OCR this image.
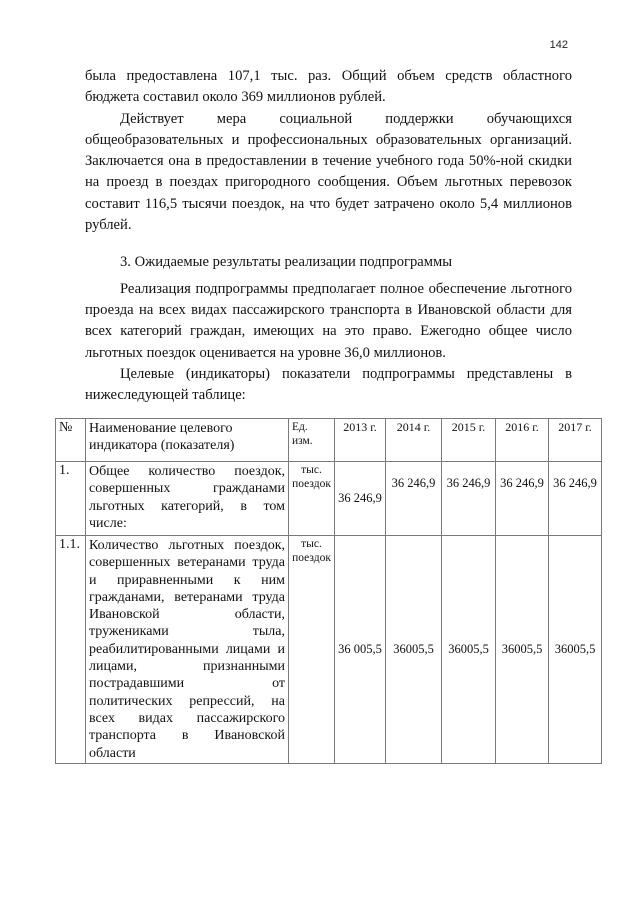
142

была предоставлена 107,1 тыс. раз. Общий объем средств областного бюджета составил около 369 миллионов рублей.

Действует мера социальной поддержки обучающихся общеобразовательных и профессиональных образовательных организаций. Заключается она в предоставлении в течение учебного года 50%-ной скидки на проезд в поездах пригородного сообщения. Объем льготных перевозок составит 116,5 тысячи поездок, на что будет затрачено около 5,4 миллионов рублей.

3. Ожидаемые результаты реализации подпрограммы

Реализация подпрограммы предполагает полное обеспечение льготного проезда на всех видах пассажирского транспорта в Ивановской области для всех категорий граждан, имеющих на это право. Ежегодно общее число льготных поездок оценивается на уровне 36,0 миллионов.

Целевые (индикаторы) показатели подпрограммы представлены в нижеследующей таблице:

№	Наименование целевого индикатора (показателя)	Ед. изм.	2013 г.	2014 г.	2015 г.	2016 г.	2017 г.
1.	Общее количество поездок, совершенных гражданами льготных категорий, в том числе:	тыс. поездок	36 246,9	36 246,9	36 246,9	36 246,9	36 246,9
1.1.	Количество льготных поездок, совершенных ветеранами труда и приравненными к ним гражданами, ветеранами труда Ивановской области, тружениками тыла, реабилитированными лицами и лицами, признанными пострадавшими от политических репрессий, на всех видах пассажирского транспорта в Ивановской области	тыс. поездок	36 005,5	36005,5	36005,5	36005,5	36005,5
